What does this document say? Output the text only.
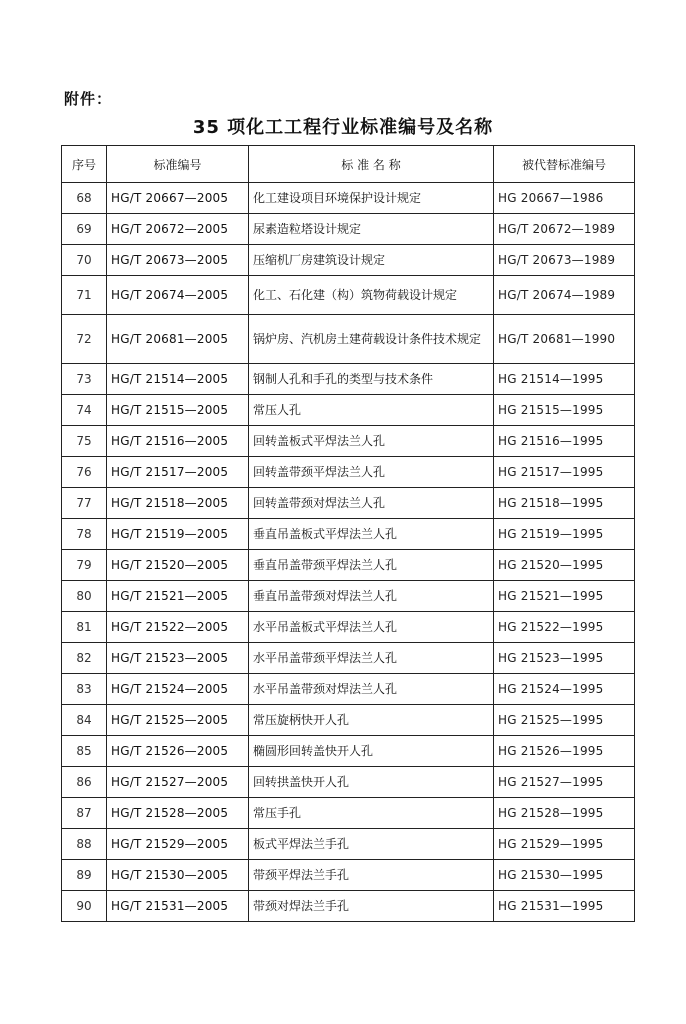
附件：
35 项化工工程行业标准编号及名称
序号	标准编号	标 准 名 称	被代替标准编号
68	HG/T 20667—2005	化工建设项目环境保护设计规定	HG 20667—1986
69	HG/T 20672—2005	尿素造粒塔设计规定	HG/T 20672—1989
70	HG/T 20673—2005	压缩机厂房建筑设计规定	HG/T 20673—1989
71	HG/T 20674—2005	化工、石化建（构）筑物荷载设计规定	HG/T 20674—1989
72	HG/T 20681—2005	锅炉房、汽机房土建荷载设计条件技术规定	HG/T 20681—1990
73	HG/T 21514—2005	钢制人孔和手孔的类型与技术条件	HG 21514—1995
74	HG/T 21515—2005	常压人孔	HG 21515—1995
75	HG/T 21516—2005	回转盖板式平焊法兰人孔	HG 21516—1995
76	HG/T 21517—2005	回转盖带颈平焊法兰人孔	HG 21517—1995
77	HG/T 21518—2005	回转盖带颈对焊法兰人孔	HG 21518—1995
78	HG/T 21519—2005	垂直吊盖板式平焊法兰人孔	HG 21519—1995
79	HG/T 21520—2005	垂直吊盖带颈平焊法兰人孔	HG 21520—1995
80	HG/T 21521—2005	垂直吊盖带颈对焊法兰人孔	HG 21521—1995
81	HG/T 21522—2005	水平吊盖板式平焊法兰人孔	HG 21522—1995
82	HG/T 21523—2005	水平吊盖带颈平焊法兰人孔	HG 21523—1995
83	HG/T 21524—2005	水平吊盖带颈对焊法兰人孔	HG 21524—1995
84	HG/T 21525—2005	常压旋柄快开人孔	HG 21525—1995
85	HG/T 21526—2005	椭圆形回转盖快开人孔	HG 21526—1995
86	HG/T 21527—2005	回转拱盖快开人孔	HG 21527—1995
87	HG/T 21528—2005	常压手孔	HG 21528—1995
88	HG/T 21529—2005	板式平焊法兰手孔	HG 21529—1995
89	HG/T 21530—2005	带颈平焊法兰手孔	HG 21530—1995
90	HG/T 21531—2005	带颈对焊法兰手孔	HG 21531—1995
